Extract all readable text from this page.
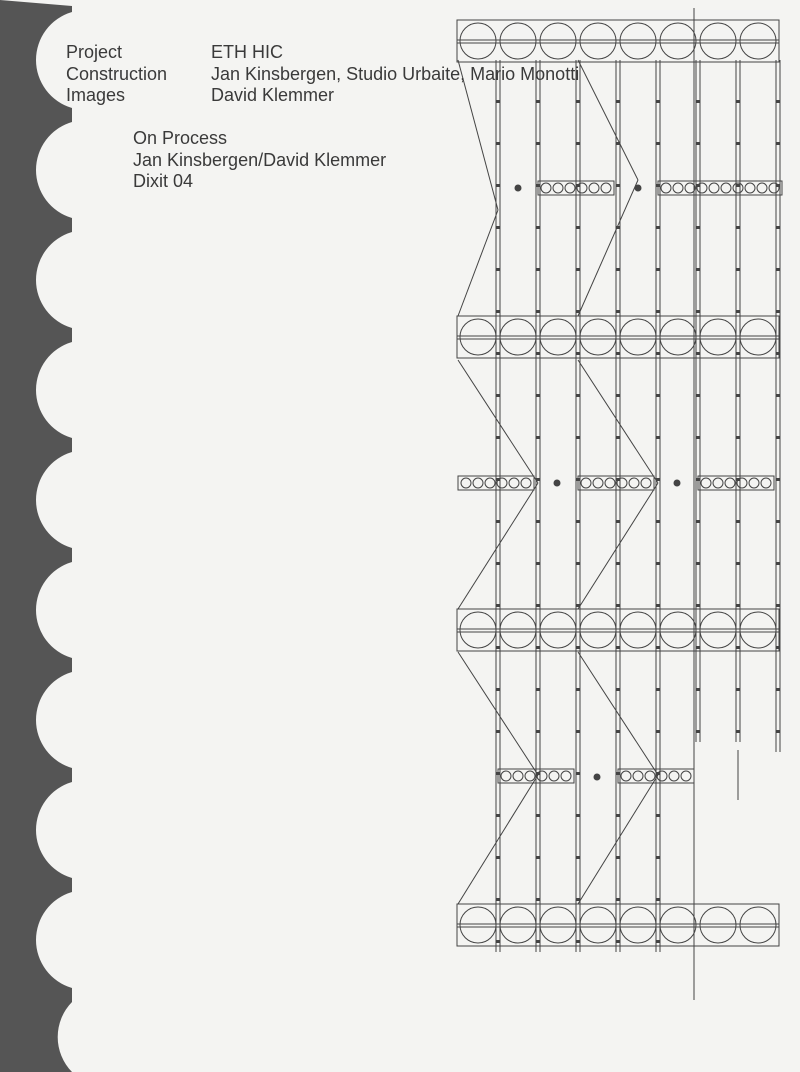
Project	ETH HIC
Construction Jan Kinsbergen, Studio Urbaite, Mario Monotti
Images	David Klemmer
On Process
Jan Kinsbergen/David Klemmer
Dixit 04
